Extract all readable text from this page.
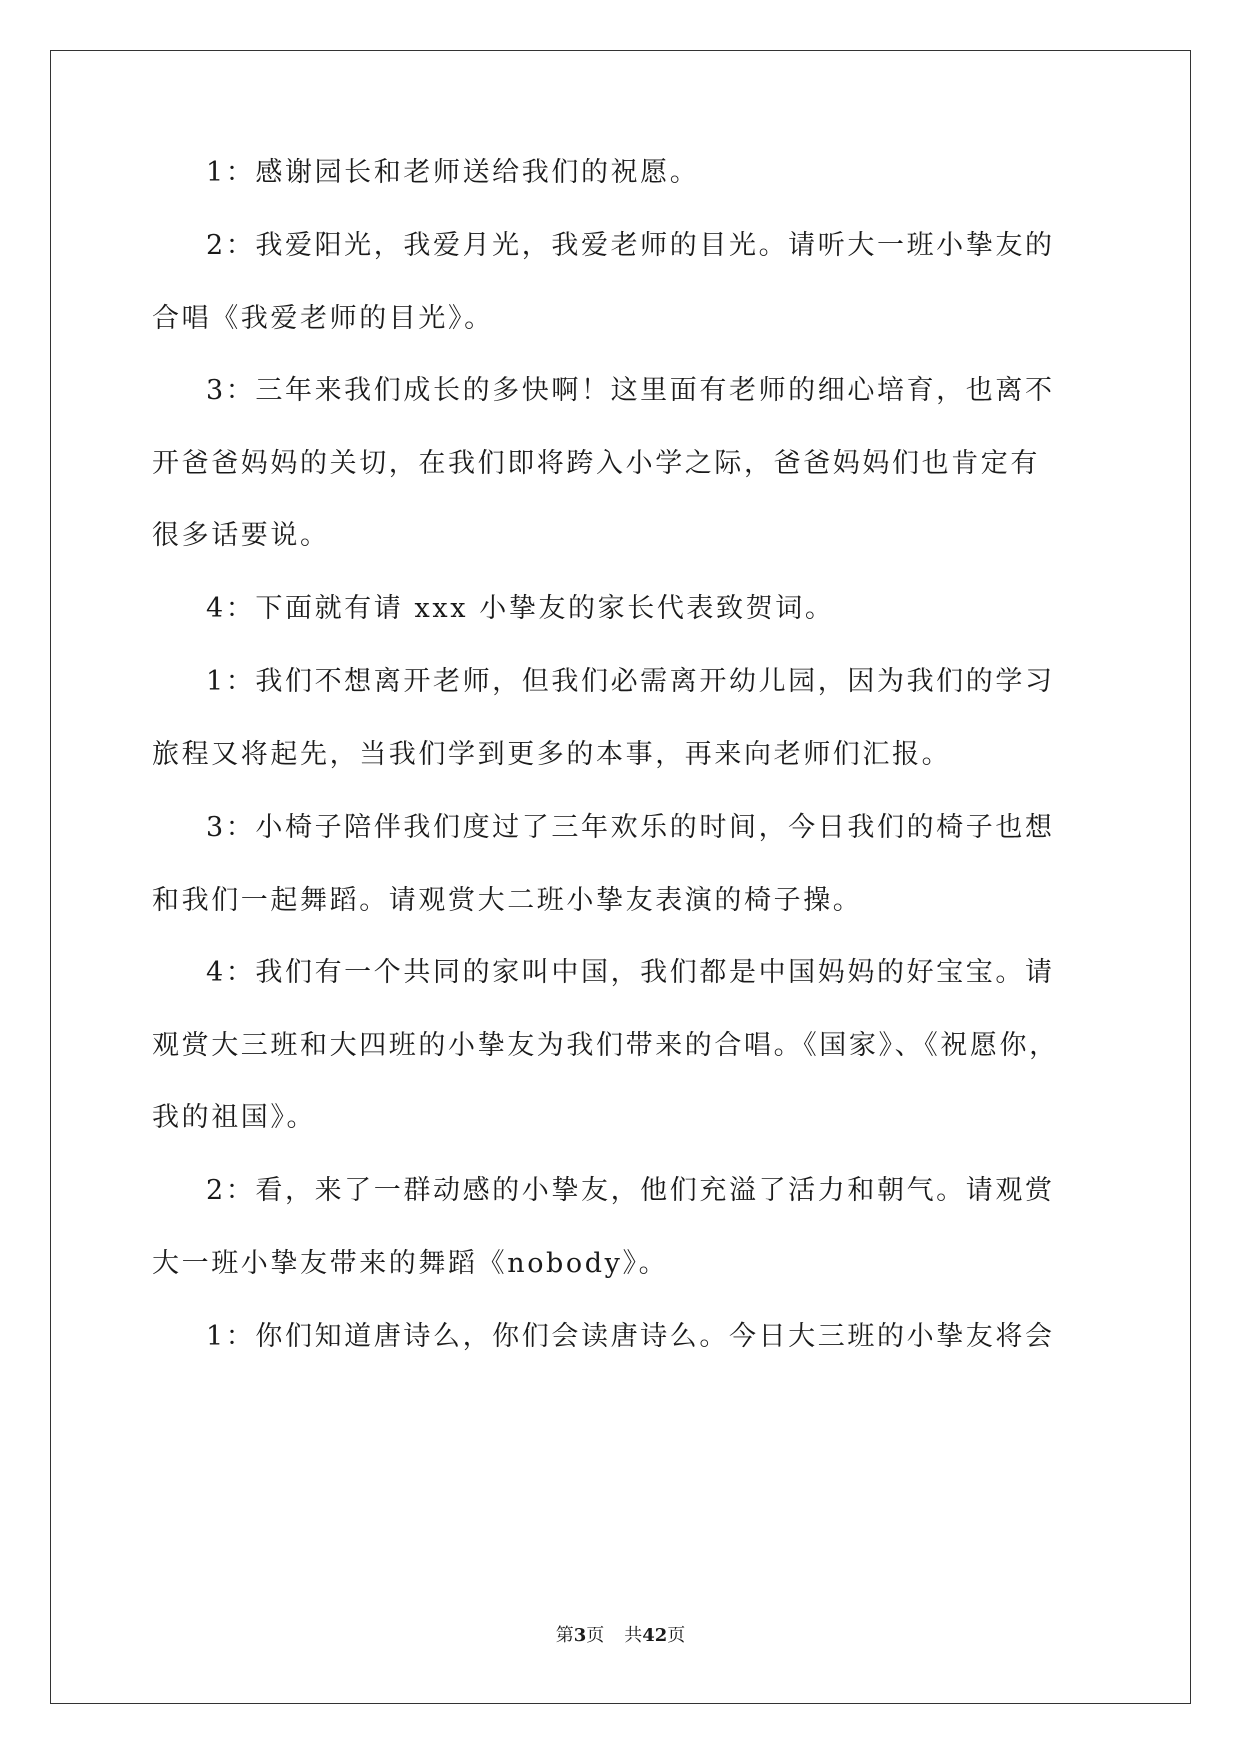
1：感谢园长和老师送给我们的祝愿。
2：我爱阳光，我爱月光，我爱老师的目光。请听大一班小挚友的
合唱《我爱老师的目光》。
3：三年来我们成长的多快啊！这里面有老师的细心培育，也离不
开爸爸妈妈的关切，在我们即将跨入小学之际，爸爸妈妈们也肯定有
很多话要说。
4：下面就有请 xxx 小挚友的家长代表致贺词。
1：我们不想离开老师，但我们必需离开幼儿园，因为我们的学习
旅程又将起先，当我们学到更多的本事，再来向老师们汇报。
3：小椅子陪伴我们度过了三年欢乐的时间，今日我们的椅子也想
和我们一起舞蹈。请观赏大二班小挚友表演的椅子操。
4：我们有一个共同的家叫中国，我们都是中国妈妈的好宝宝。请
观赏大三班和大四班的小挚友为我们带来的合唱。《国家》、《祝愿你，
我的祖国》。
2：看，来了一群动感的小挚友，他们充溢了活力和朝气。请观赏
大一班小挚友带来的舞蹈《nobody》。
1：你们知道唐诗么，你们会读唐诗么。今日大三班的小挚友将会
第3页 共42页
